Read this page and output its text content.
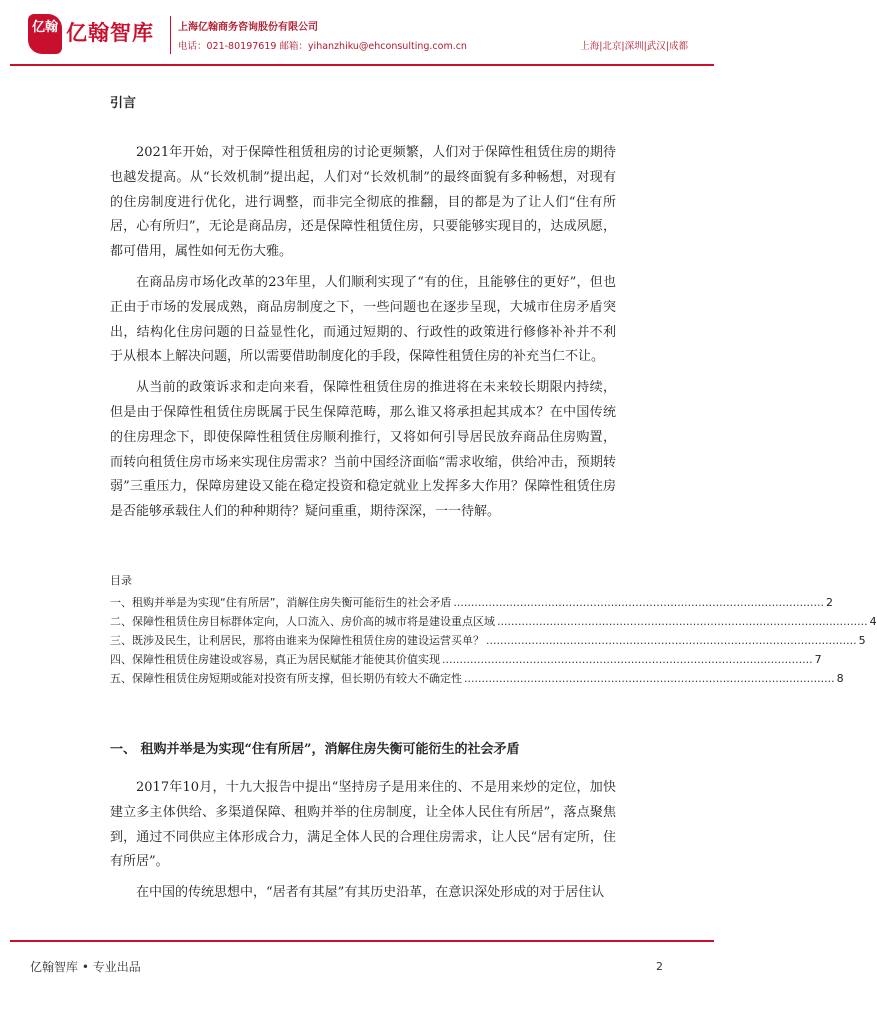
亿翰 亿翰智库 上海亿翰商务咨询股份有限公司
电话：021-80197619 邮箱：yihanzhiku@ehconsulting.com.cn	上海|北京|深圳|武汉|成都
引言

2021年开始，对于保障性租赁租房的讨论更频繁，人们对于保障性租赁住房的期待也越发提高。从“长效机制”提出起，人们对“长效机制”的最终面貌有多种畅想，对现有的住房制度进行优化，进行调整，而非完全彻底的推翻，目的都是为了让人们“住有所居，心有所归”，无论是商品房，还是保障性租赁住房，只要能够实现目的，达成夙愿，都可借用，属性如何无伤大雅。

在商品房市场化改革的23年里，人们顺利实现了“有的住，且能够住的更好”，但也正由于市场的发展成熟，商品房制度之下，一些问题也在逐步呈现，大城市住房矛盾突出，结构化住房问题的日益显性化，而通过短期的、行政性的政策进行修修补补并不利于从根本上解决问题，所以需要借助制度化的手段，保障性租赁住房的补充当仁不让。

从当前的政策诉求和走向来看，保障性租赁住房的推进将在未来较长期限内持续，但是由于保障性租赁住房既属于民生保障范畴，那么谁又将承担起其成本？在中国传统的住房理念下，即使保障性租赁住房顺利推行，又将如何引导居民放弃商品住房购置，而转向租赁住房市场来实现住房需求？当前中国经济面临“需求收缩，供给冲击，预期转弱”三重压力，保障房建设又能在稳定投资和稳定就业上发挥多大作用？保障性租赁住房是否能够承载住人们的种种期待？疑问重重，期待深深，一一待解。

目录
一、租购并举是为实现“住有所居”，消解住房失衡可能衍生的社会矛盾 .......................................................................................................... 2
二、保障性租赁住房目标群体定向，人口流入、房价高的城市将是建设重点区域 .......................................................................................................... 4
三、既涉及民生，让利居民，那将由谁来为保障性租赁住房的建设运营买单？ .......................................................................................................... 5
四、保障性租赁住房建设或容易，真正为居民赋能才能使其价值实现 .......................................................................................................... 7
五、保障性租赁住房短期或能对投资有所支撑，但长期仍有较大不确定性 .......................................................................................................... 8
一、 租购并举是为实现“住有所居”，消解住房失衡可能衍生的社会矛盾

2017年10月，十九大报告中提出“坚持房子是用来住的、不是用来炒的定位，加快建立多主体供给、多渠道保障、租购并举的住房制度，让全体人民住有所居”，落点聚焦到，通过不同供应主体形成合力，满足全体人民的合理住房需求，让人民“居有定所，住有所居”。

在中国的传统思想中，“居者有其屋”有其历史沿革，在意识深处形成的对于居住认

亿翰智库 • 专业出品	2
